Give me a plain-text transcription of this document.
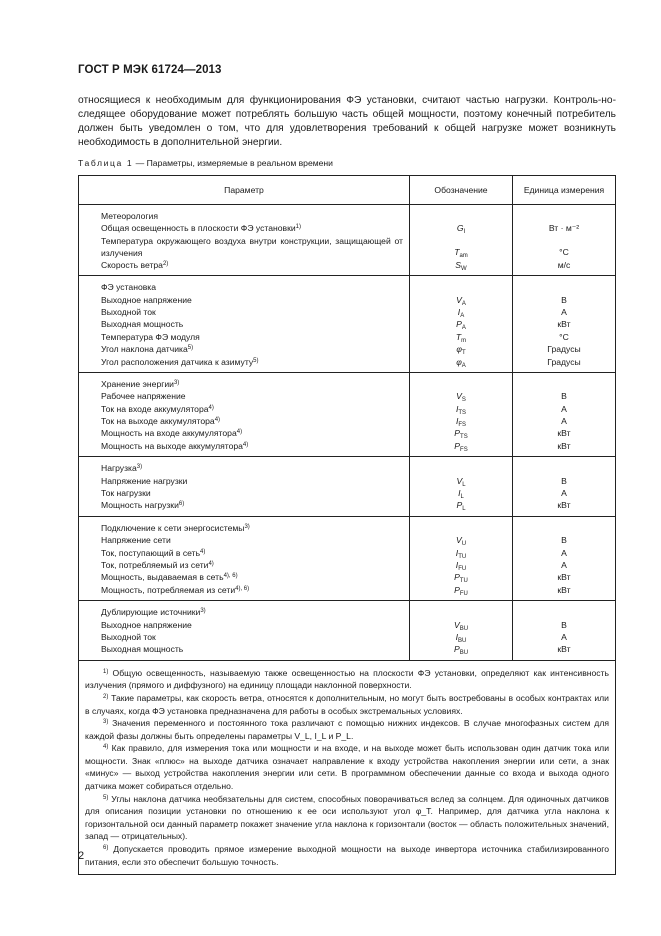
ГОСТ Р МЭК 61724—2013

относящиеся к необходимым для функционирования ФЭ установки, считают частью нагрузки. Контроль-но-следящее оборудование может потреблять большую часть общей мощности, поэтому конечный потребитель должен быть уведомлен о том, что для удовлетворения требований к общей нагрузке может возникнуть необходимость в дополнительной энергии.

Таблица 1 — Параметры, измеряемые в реальном времени
Параметр	Обозначение	Единица измерения
Метеорология
Общая освещенность в плоскости ФЭ установки$^{1)}$
Температура окружающего воздуха внутри конструкции, защищающей от излучения
Скорость ветра$^{2)}$
$G_I$
$T_{am}$
$S_W$
Вт · м⁻²
°С
м/с
ФЭ установка
Выходное напряжение
Выходной ток
Выходная мощность
Температура ФЭ модуля
Угол наклона датчика$^{5)}$
Угол расположения датчика к азимуту$^{5)}$
$V_A$
$I_A$
$P_A$
$T_m$
$\varphi_T$
$\varphi_A$
В
А
кВт
°С
Градусы
Градусы
Хранение энергии$^{3)}$
Рабочее напряжение
Ток на входе аккумулятора$^{4)}$
Ток на выходе аккумулятора$^{4)}$
Мощность на входе аккумулятора$^{4)}$
Мощность на выходе аккумулятора$^{4)}$
$V_S$
$I_{TS}$
$I_{FS}$
$P_{TS}$
$P_{FS}$
В
А
А
кВт
кВт
Нагрузка$^{3)}$
Напряжение нагрузки
Ток нагрузки
Мощность нагрузки$^{6)}$
$V_L$
$I_L$
$P_L$
В
А
кВт
Подключение к сети энергосистемы$^{3)}$
Напряжение сети
Ток, поступающий в сеть$^{4)}$
Ток, потребляемый из сети$^{4)}$
Мощность, выдаваемая в сеть$^{4), 6)}$
Мощность, потребляемая из сети$^{4), 6)}$
$V_U$
$I_{TU}$
$I_{FU}$
$P_{TU}$
$P_{FU}$
В
А
А
кВт
кВт
Дублирующие источники$^{3)}$
Выходное напряжение
Выходной ток
Выходная мощность
$V_{BU}$
$I_{BU}$
$P_{BU}$
В
А
кВт

$^{1)}$ Общую освещенность, называемую также освещенностью на плоскости ФЭ установки, определяют как интенсивность излучения (прямого и диффузного) на единицу площади наклонной поверхности.

$^{2)}$ Такие параметры, как скорость ветра, относятся к дополнительным, но могут быть востребованы в особых контрактах или в случаях, когда ФЭ установка предназначена для работы в особых экстремальных условиях.

$^{3)}$ Значения переменного и постоянного тока различают с помощью нижних индексов. В случае многофазных систем для каждой фазы должны быть определены параметры V_L, I_L и P_L.

$^{4)}$ Как правило, для измерения тока или мощности и на входе, и на выходе может быть использован один датчик тока или мощности. Знак «плюс» на выходе датчика означает направление к входу устройства накопления энергии или сети, а знак «минус» — выход устройства накопления энергии или сети. В программном обеспечении данные со входа и выхода одного датчика может собираться отдельно.

$^{5)}$ Углы наклона датчика необязательны для систем, способных поворачиваться вслед за солнцем. Для одиночных датчиков для описания позиции установки по отношению к ее оси используют угол φ_T. Например, для датчика угла наклона к горизонтальной оси данный параметр покажет значение угла наклона к горизонтали (восток — область положительных значений, запад — отрицательных).

$^{6)}$ Допускается проводить прямое измерение выходной мощности на выходе инвертора источника стабилизированного питания, если это обеспечит большую точность.

2
